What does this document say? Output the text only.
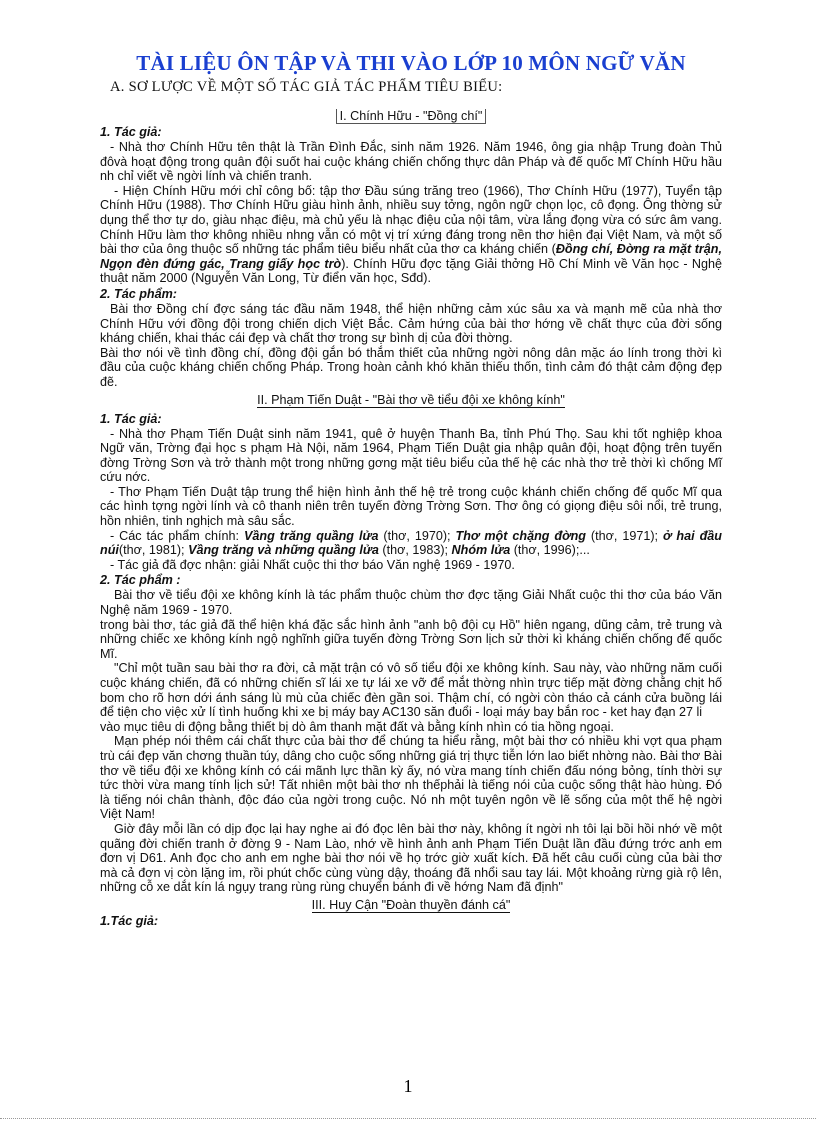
TÀI LIỆU ÔN TẬP VÀ THI VÀO LỚP 10 MÔN NGỮ VĂN
A. SƠ LƯỢC VỀ MỘT SỐ TÁC GIẢ TÁC PHẨM TIÊU BIỂU:
I. Chính Hữu - "Đồng chí"
1. Tác giả:

- Nhà thơ Chính Hữu tên thật là Trần Đình Đắc, sinh năm 1926. Năm 1946, ông gia nhập Trung đoàn Thủ đôvà hoạt động trong quân đội suốt hai cuộc kháng chiến chống thực dân Pháp và đế quốc Mĩ Chính Hữu hầu nh chỉ viết về ngời lính và chiến tranh.

- Hiện Chính Hữu mới chỉ công bố: tập thơ Đầu súng trăng treo (1966), Thơ Chính Hữu (1977), Tuyển tập Chính Hữu (1988). Thơ Chính Hữu giàu hình ảnh, nhiều suy tởng, ngôn ngữ chọn lọc, cô đọng. Ông thờng sử dụng thể thơ tự do, giàu nhạc điệu, mà chủ yếu là nhạc điệu của nội tâm, vừa lắng đọng vừa có sức âm vang. Chính Hữu làm thơ không nhiều nhng vẫn có một vị trí xứng đáng trong nền thơ hiện đại Việt Nam, và một số bài thơ của ông thuộc số những tác phẩm tiêu biểu nhất của thơ ca kháng chiến (Đồng chí, Đờng ra mặt trận, Ngọn đèn đứng gác, Trang giấy học trò). Chính Hữu đợc tặng Giải thởng Hồ Chí Minh về Văn học - Nghệ thuật năm 2000 (Nguyễn Văn Long, Từ điển văn học, Sđd).

2. Tác phẩm:

Bài thơ Đồng chí đợc sáng tác đầu năm 1948, thể hiện những cảm xúc sâu xa và mạnh mẽ của nhà thơ Chính Hữu với đồng đội trong chiến dịch Việt Bắc. Cảm hứng của bài thơ hớng về chất thực của đời sống kháng chiến, khai thác cái đẹp và chất thơ trong sự bình dị của đời thờng.

Bài thơ nói về tình đồng chí, đồng đội gắn bó thắm thiết của những ngời nông dân mặc áo lính trong thời kì đầu của cuộc kháng chiến chống Pháp. Trong hoàn cảnh khó khăn thiếu thốn, tình cảm đó thật cảm động đẹp đẽ.

II. Phạm Tiến Duật - "Bài thơ về tiểu đội xe không kính"
1. Tác giả:

- Nhà thơ Phạm Tiến Duật sinh năm 1941, quê ở huyện Thanh Ba, tỉnh Phú Thọ. Sau khi tốt nghiệp khoa Ngữ văn, Trờng đại học s phạm Hà Nội, năm 1964, Phạm Tiến Duật gia nhập quân đội, hoạt động trên tuyến đờng Trờng Sơn và trở thành một trong những gơng mặt tiêu biểu của thế hệ các nhà thơ trẻ thời kì chống Mĩ cứu nớc.

- Thơ Phạm Tiến Duật tập trung thể hiện hình ảnh thế hệ trẻ trong cuộc khánh chiến chống đế quốc Mĩ qua các hình tợng ngời lính và cô thanh niên trên tuyến đờng Trờng Sơn. Thơ ông có giọng điệu sôi nổi, trẻ trung, hồn nhiên, tinh nghịch mà sâu sắc.

- Các tác phẩm chính: Vầng trăng quầng lửa (thơ, 1970); Thơ một chặng đờng (thơ, 1971); ở hai đầu núi(thơ, 1981); Vầng trăng và những quầng lửa (thơ, 1983); Nhóm lửa (thơ, 1996);...

- Tác giả đã đợc nhận: giải Nhất cuộc thi thơ báo Văn nghệ 1969 - 1970.

2. Tác phẩm :

Bài thơ về tiểu đội xe không kính là tác phẩm thuộc chùm thơ đợc tặng Giải Nhất cuộc thi thơ của báo Văn Nghệ năm 1969 - 1970.

trong bài thơ, tác giả đã thể hiện khá đặc sắc hình ảnh "anh bộ đội cụ Hồ" hiên ngang, dũng cảm, trẻ trung và những chiếc xe không kính ngộ nghĩnh giữa tuyến đờng Trờng Sơn lịch sử thời kì kháng chiến chống đế quốc Mĩ.

"Chỉ một tuần sau bài thơ ra đời, cả mặt trận có vô số tiểu đội xe không kính. Sau này, vào những năm cuối cuộc kháng chiến, đã có những chiến sĩ lái xe tự lái xe vỡ để mắt thờng nhìn trực tiếp mặt đờng chằng chịt hố bom cho rõ hơn dới ánh sáng lù mù của chiếc đèn gần soi. Thậm chí, có ngời còn tháo cả cánh cửa buồng lái để tiện cho việc xử lí tình huống khi xe bị máy bay AC130 săn đuổi - loại máy bay bắn roc - ket hay đạn 27 li

vào mục tiêu di động bằng thiết bị dò âm thanh mặt đất và bằng kính nhìn có tia hồng ngoại.

Mạn phép nói thêm cái chất thực của bài thơ để chúng ta hiểu rằng, một bài thơ có nhiều khi vợt qua phạm trù cái đẹp văn chơng thuần túy, dâng cho cuộc sống những giá trị thực tiễn lớn lao biết nhờng nào. Bài thơ Bài thơ về tiểu đội xe không kính có cái mãnh lực thần kỳ ấy, nó vừa mang tính chiến đấu nóng bỏng, tính thời sự tức thời vừa mang tính lịch sử! Tất nhiên một bài thơ nh thếphải là tiếng nói của cuộc sống thật hào hùng. Đó là tiếng nói chân thành, độc đáo của ngời trong cuộc. Nó nh một tuyên ngôn về lẽ sống của một thế hệ ngời Việt Nam!

Giờ đây mỗi lần có dịp đọc lại hay nghe ai đó đọc lên bài thơ này, không ít ngời nh tôi lại bồi hồi nhớ về một quãng đời chiến tranh ở đờng 9 - Nam Lào, nhớ về hình ảnh anh Phạm Tiến Duật lần đầu đứng trớc anh em đơn vị D61. Anh đọc cho anh em nghe bài thơ nói về họ trớc giờ xuất kích. Đã hết câu cuối cùng của bài thơ mà cả đơn vị còn lặng im, rồi phút chốc cùng vùng dậy, thoáng đã nhổi sau tay lái. Một khoảng rừng già rộ lên, những cỗ xe dắt kín lá ngụy trang rùng rùng chuyển bánh đi về hớng Nam đã định"

III. Huy Cận "Đoàn thuyền đánh cá"
1.Tác giả:
1
